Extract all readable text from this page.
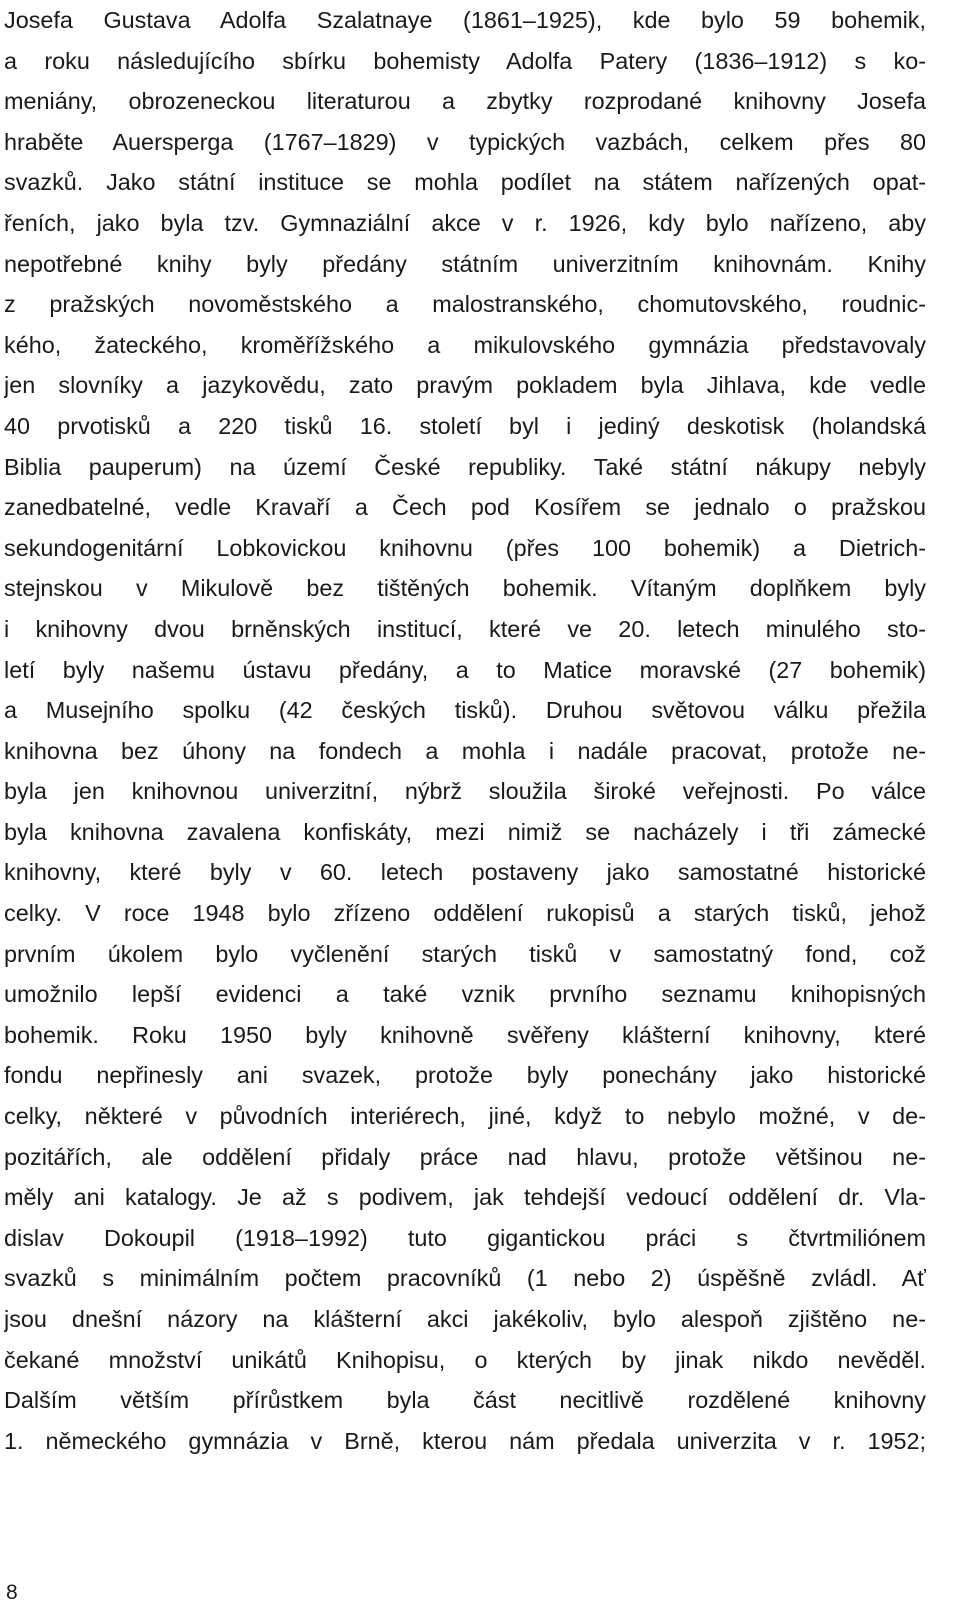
Josefa Gustava Adolfa Szalatnaye (1861–1925), kde bylo 59 bohemik,
a roku následujícího sbírku bohemisty Adolfa Patery (1836–1912) s ko-
meniány, obrozeneckou literaturou a zbytky rozprodané knihovny Josefa
hraběte Auersperga (1767–1829) v typických vazbách, celkem přes 80
svazků. Jako státní instituce se mohla podílet na státem nařízených opat-
řeních, jako byla tzv. Gymnaziální akce v r. 1926, kdy bylo nařízeno, aby
nepotřebné knihy byly předány státním univerzitním knihovnám. Knihy
z pražských novoměstského a malostranského, chomutovského, roudnic-
kého, žateckého, kroměřížského a mikulovského gymnázia představovaly
jen slovníky a jazykovědu, zato pravým pokladem byla Jihlava, kde vedle
40 prvotisků a 220 tisků 16. století byl i jediný deskotisk (holandská
Biblia pauperum) na území České republiky. Také státní nákupy nebyly
zanedbatelné, vedle Kravaří a Čech pod Kosířem se jednalo o pražskou
sekundogenitární Lobkovickou knihovnu (přes 100 bohemik) a Dietrich-
stejnskou v Mikulově bez tištěných bohemik. Vítaným doplňkem byly
i knihovny dvou brněnských institucí, které ve 20. letech minulého sto-
letí byly našemu ústavu předány, a to Matice moravské (27 bohemik)
a Musejního spolku (42 českých tisků). Druhou světovou válku přežila
knihovna bez úhony na fondech a mohla i nadále pracovat, protože ne-
byla jen knihovnou univerzitní, nýbrž sloužila široké veřejnosti. Po válce
byla knihovna zavalena konfiskáty, mezi nimiž se nacházely i tři zámecké
knihovny, které byly v 60. letech postaveny jako samostatné historické
celky. V roce 1948 bylo zřízeno oddělení rukopisů a starých tisků, jehož
prvním úkolem bylo vyčlenění starých tisků v samostatný fond, což
umožnilo lepší evidenci a také vznik prvního seznamu knihopisných
bohemik. Roku 1950 byly knihovně svěřeny klášterní knihovny, které
fondu nepřinesly ani svazek, protože byly ponechány jako historické
celky, některé v původních interiérech, jiné, když to nebylo možné, v de-
pozitářích, ale oddělení přidaly práce nad hlavu, protože většinou ne-
měly ani katalogy. Je až s podivem, jak tehdejší vedoucí oddělení dr. Vla-
dislav Dokoupil (1918–1992) tuto gigantickou práci s čtvrtmiliónem
svazků s minimálním počtem pracovníků (1 nebo 2) úspěšně zvládl. Ať
jsou dnešní názory na klášterní akci jakékoliv, bylo alespoň zjištěno ne-
čekané množství unikátů Knihopisu, o kterých by jinak nikdo nevěděl.
Dalším větším přírůstkem byla část necitlivě rozdělené knihovny
1. německého gymnázia v Brně, kterou nám předala univerzita v r. 1952;
8
